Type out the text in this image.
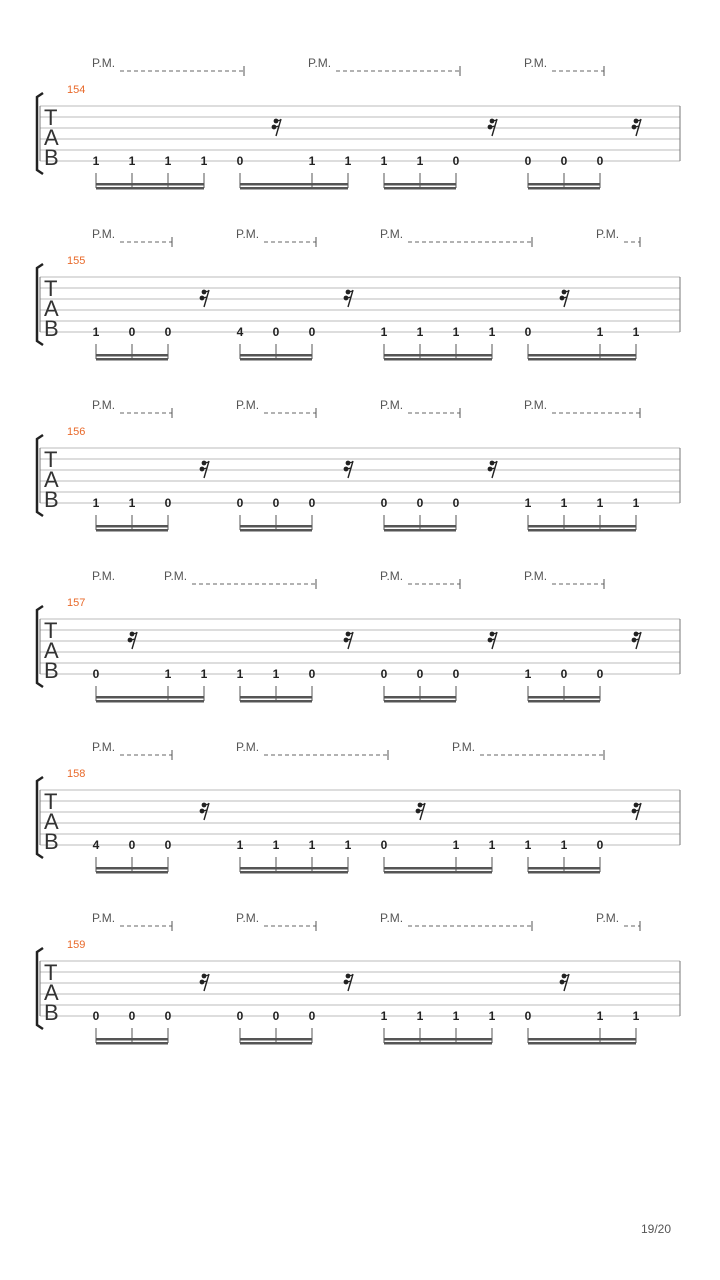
P.M.	P.M.	P.M.
154
T
A
B	1 1 1 1 0	1 1 1 1 0	0 0 0
P.M.	P.M.	P.M.	P.M.
155
T
A
B	1 0 0	4 0 0	1 1 1 1 0	1 1
P.M.	P.M.	P.M.	P.M.
156
T
A
B	1 1 0	0 0 0	0 0 0	1 1 1 1
P.M.	P.M.	P.M.	P.M.
157
T
A
B	0	1 1 1 1 0	0 0 0	1 0 0
P.M.	P.M.	P.M.
158
T
A
B	4 0 0	1 1 1 1 0	1 1 1 1 0
P.M.	P.M.	P.M.	P.M.
159
T
A
B	0 0 0	0 0 0	1 1 1 1 0	1 1
19/20
